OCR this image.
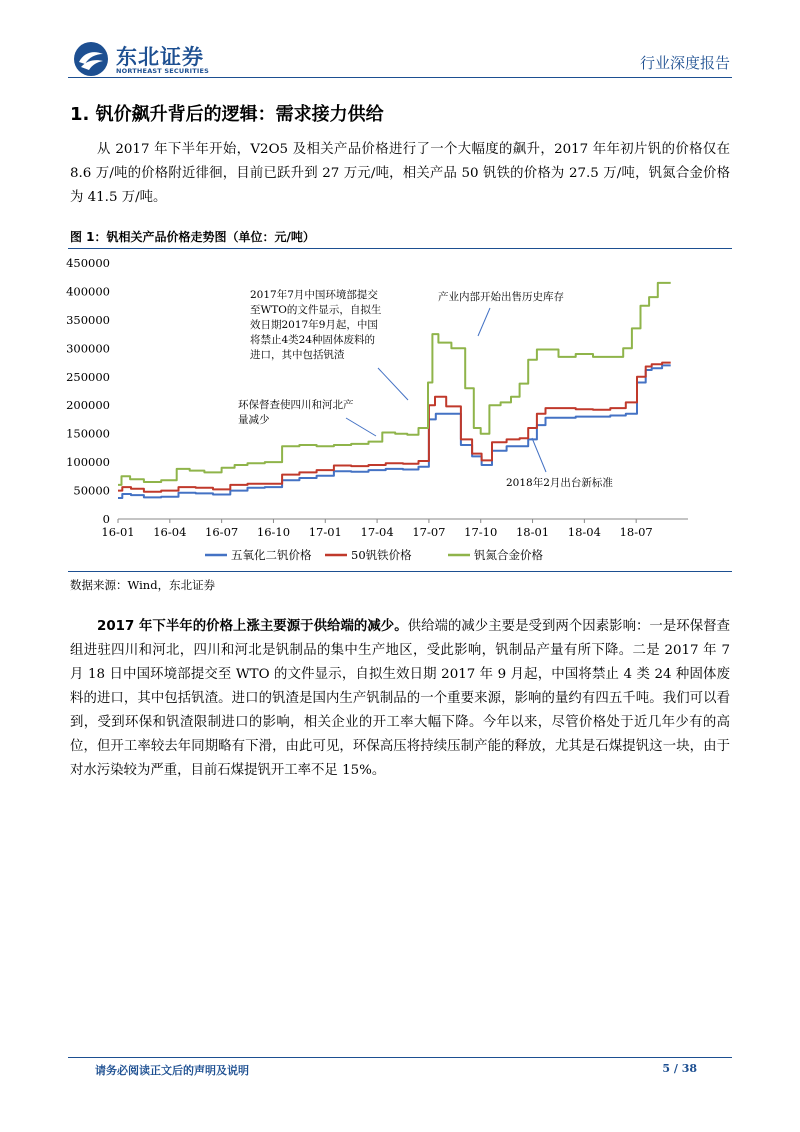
东北证券
NORTHEAST SECURITIES	行业深度报告
1. 钒价飙升背后的逻辑：需求接力供给
从 2017 年下半年开始，V2O5 及相关产品价格进行了一个大幅度的飙升，2017 年年初片钒的价格仅在 8.6 万/吨的价格附近徘徊，目前已跃升到 27 万元/吨，相关产品 50 钒铁的价格为 27.5 万/吨，钒氮合金价格为 41.5 万/吨。
图 1：钒相关产品价格走势图（单位：元/吨）
450000
400000
350000
300000
250000
200000
150000
100000
50000
0
16-01 16-04 16-07 16-10 17-01 17-04 17-07 17-10 18-01 18-04 18-07
2017年7月中国环境部提交
至WTO的文件显示，自拟生
效日期2017年9月起，中国
将禁止4类24种固体废料的
进口，其中包括钒渣
产业内部开始出售历史库存
环保督查使四川和河北产
量减少
2018年2月出台新标准
五氧化二钒价格	50钒铁价格	钒氮合金价格
数据来源：Wind，东北证券
2017 年下半年的价格上涨主要源于供给端的减少。供给端的减少主要是受到两个因素影响：一是环保督查组进驻四川和河北，四川和河北是钒制品的集中生产地区，受此影响，钒制品产量有所下降。二是 2017 年 7 月 18 日中国环境部提交至 WTO 的文件显示，自拟生效日期 2017 年 9 月起，中国将禁止 4 类 24 种固体废料的进口，其中包括钒渣。进口的钒渣是国内生产钒制品的一个重要来源，影响的量约有四五千吨。我们可以看到，受到环保和钒渣限制进口的影响，相关企业的开工率大幅下降。今年以来，尽管价格处于近几年少有的高位，但开工率较去年同期略有下滑，由此可见，环保高压将持续压制产能的释放，尤其是石煤提钒这一块，由于对水污染较为严重，目前石煤提钒开工率不足 15%。
请务必阅读正文后的声明及说明	5 / 38
